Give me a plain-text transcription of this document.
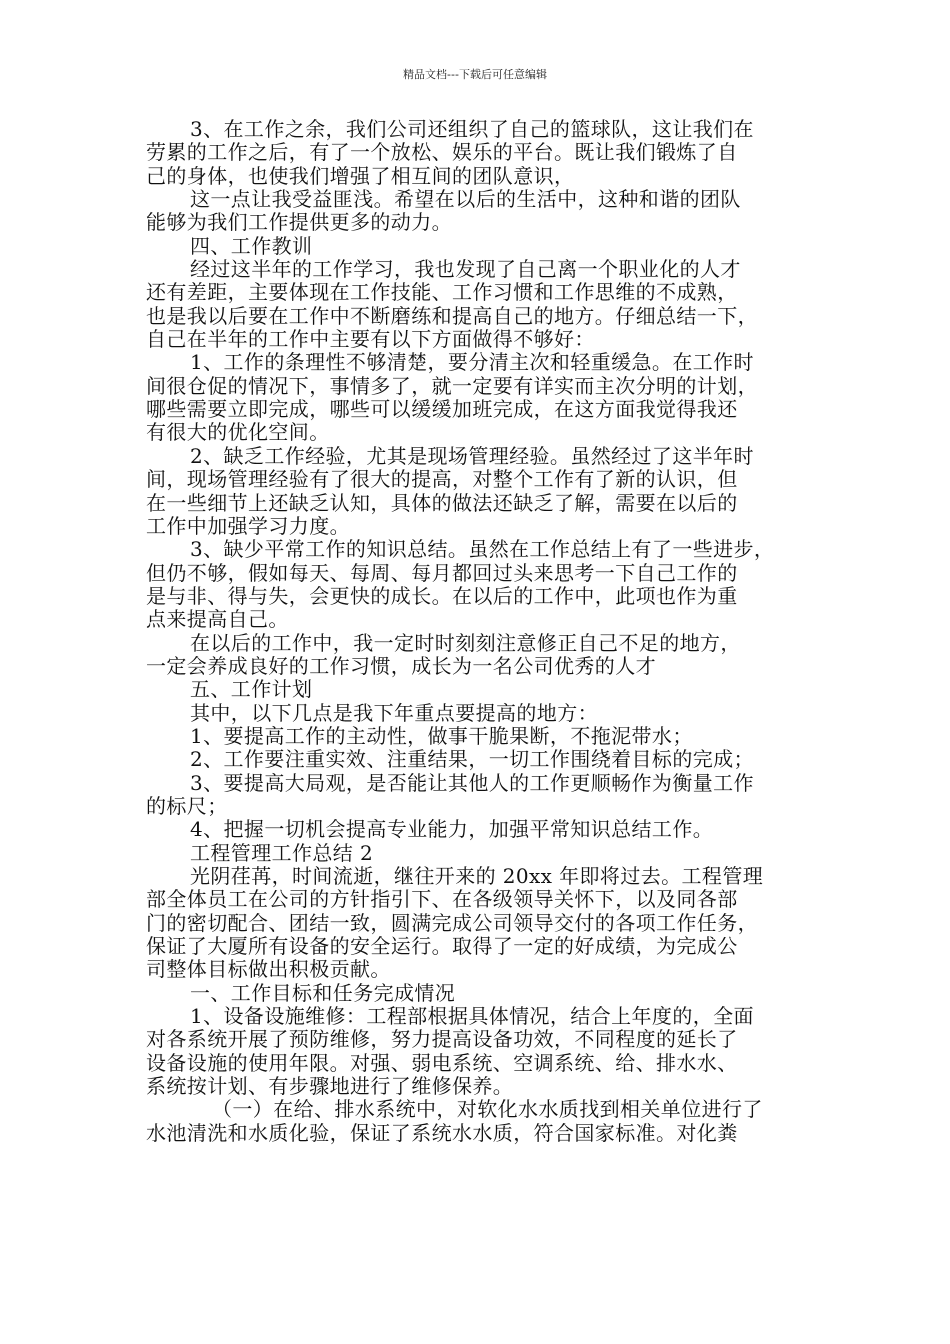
精品文档---下载后可任意编辑
3、在工作之余，我们公司还组织了自己的篮球队，这让我们在
劳累的工作之后，有了一个放松、娱乐的平台。既让我们锻炼了自
己的身体，也使我们增强了相互间的团队意识，
这一点让我受益匪浅。希望在以后的生活中，这种和谐的团队
能够为我们工作提供更多的动力。
四、工作教训
经过这半年的工作学习，我也发现了自己离一个职业化的人才
还有差距，主要体现在工作技能、工作习惯和工作思维的不成熟，
也是我以后要在工作中不断磨练和提高自己的地方。仔细总结一下，
自己在半年的工作中主要有以下方面做得不够好：
1、工作的条理性不够清楚，要分清主次和轻重缓急。在工作时
间很仓促的情况下，事情多了，就一定要有详实而主次分明的计划，
哪些需要立即完成，哪些可以缓缓加班完成，在这方面我觉得我还
有很大的优化空间。
2、缺乏工作经验，尤其是现场管理经验。虽然经过了这半年时
间，现场管理经验有了很大的提高，对整个工作有了新的认识，但
在一些细节上还缺乏认知，具体的做法还缺乏了解，需要在以后的
工作中加强学习力度。
3、缺少平常工作的知识总结。虽然在工作总结上有了一些进步，
但仍不够，假如每天、每周、每月都回过头来思考一下自己工作的
是与非、得与失，会更快的成长。在以后的工作中，此项也作为重
点来提高自己。
在以后的工作中，我一定时时刻刻注意修正自己不足的地方，
一定会养成良好的工作习惯，成长为一名公司优秀的人才
五、工作计划
其中，以下几点是我下年重点要提高的地方：
1、要提高工作的主动性，做事干脆果断，不拖泥带水；
2、工作要注重实效、注重结果，一切工作围绕着目标的完成；
3、要提高大局观，是否能让其他人的工作更顺畅作为衡量工作
的标尺；
4、把握一切机会提高专业能力，加强平常知识总结工作。
工程管理工作总结 2
光阴荏苒，时间流逝，继往开来的 20xx 年即将过去。工程管理
部全体员工在公司的方针指引下、在各级领导关怀下，以及同各部
门的密切配合、团结一致，圆满完成公司领导交付的各项工作任务，
保证了大厦所有设备的安全运行。取得了一定的好成绩，为完成公
司整体目标做出积极贡献。
一、工作目标和任务完成情况
1、设备设施维修：工程部根据具体情况，结合上年度的，全面
对各系统开展了预防维修，努力提高设备功效，不同程度的延长了
设备设施的使用年限。对强、弱电系统、空调系统、给、排水水、
系统按计划、有步骤地进行了维修保养。
（一）在给、排水系统中，对软化水水质找到相关单位进行了
水池清洗和水质化验，保证了系统水水质，符合国家标准。对化粪
